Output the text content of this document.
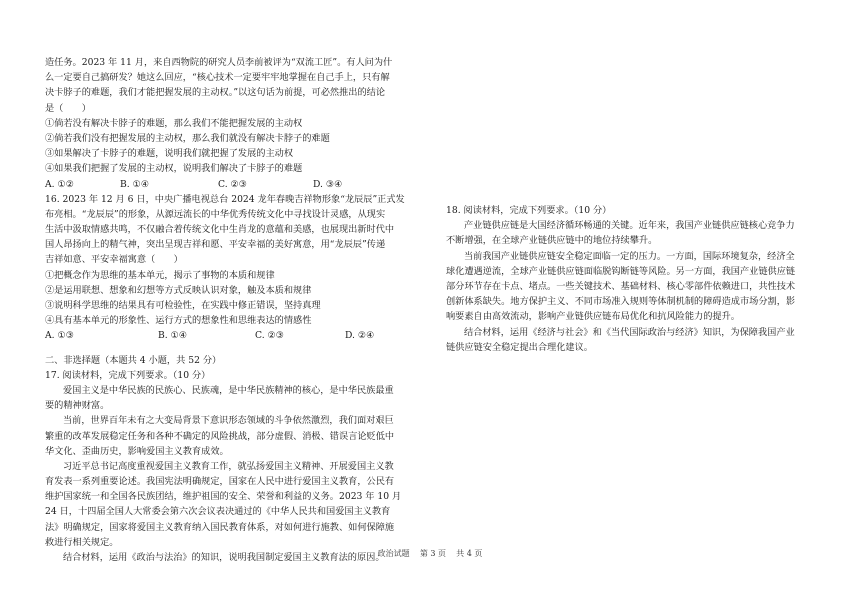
造任务。2023 年 11 月，来自西物院的研究人员李前被评为“双流工匠”。有人问为什
么一定要自己搞研发？她这么回应，“核心技术一定要牢牢地掌握在自己手上，只有解
决卡脖子的难题，我们才能把握发展的主动权。”以这句话为前提，可必然推出的结论
是（　　）
①倘若没有解决卡脖子的难题，那么我们不能把握发展的主动权
②倘若我们没有把握发展的主动权，那么我们就没有解决卡脖子的难题
③如果解决了卡脖子的难题，说明我们就把握了发展的主动权
④如果我们把握了发展的主动权，说明我们解决了卡脖子的难题
A. ①②	B. ①④	C. ②③	D. ③④
16. 2023 年 12 月 6 日，中央广播电视总台 2024 龙年春晚吉祥物形象“龙辰辰”正式发
布亮相。“龙辰辰”的形象，从源远流长的中华优秀传统文化中寻找设计灵感，从现实
生活中汲取情感共鸣，不仅融合着传统文化中生肖龙的意蕴和美感，也展现出新时代中
国人昂扬向上的精气神，突出呈现吉祥和愿、平安幸福的美好寓意，用“龙辰辰”传递
吉祥如意、平安幸福寓意（　　）
①把概念作为思维的基本单元，揭示了事物的本质和规律
②是运用联想、想象和幻想等方式反映认识对象，触及本质和规律
③说明科学思维的结果具有可检验性，在实践中修正错误，坚持真理
④具有基本单元的形象性、运行方式的想象性和思维表达的情感性
A. ①③	B. ①④	C. ②③	D. ②④
二、非选择题（本题共 4 小题，共 52 分）
17. 阅读材料，完成下列要求。（10 分）
爱国主义是中华民族的民族心、民族魂，是中华民族精神的核心，是中华民族最重
要的精神财富。
当前，世界百年未有之大变局背景下意识形态领域的斗争依然激烈，我们面对艰巨
繁重的改革发展稳定任务和各种不确定的风险挑战，部分虚假、消极、错误言论贬低中
华文化、歪曲历史，影响爱国主义教育成效。
习近平总书记高度重视爱国主义教育工作，就弘扬爱国主义精神、开展爱国主义教
育发表一系列重要论述。我国宪法明确规定，国家在人民中进行爱国主义教育，公民有
维护国家统一和全国各民族团结，维护祖国的安全、荣誉和利益的义务。2023 年 10 月
24 日，十四届全国人大常委会第六次会议表决通过的《中华人民共和国爱国主义教育
法》明确规定，国家将爱国主义教育纳入国民教育体系，对如何进行施教、如何保障施
救进行相关规定。
结合材料，运用《政治与法治》的知识，说明我国制定爱国主义教育法的原因。
18. 阅读材料，完成下列要求。（10 分）
产业链供应链是大国经济循环畅通的关键。近年来，我国产业链供应链核心竞争力
不断增强，在全球产业链供应链中的地位持续攀升。
当前我国产业链供应链安全稳定面临一定的压力。一方面，国际环境复杂，经济全
球化遭遇逆流，全球产业链供应链面临脱钩断链等风险。另一方面，我国产业链供应链
部分环节存在卡点、堵点。一些关键技术、基础材料、核心零部件依赖进口，共性技术
创新体系缺失。地方保护主义、不同市场准入规则等体制机制的障碍造成市场分割，影
响要素自由高效流动，影响产业链供应链布局优化和抗风险能力的提升。
结合材料，运用《经济与社会》和《当代国际政治与经济》知识，为保障我国产业
链供应链安全稳定提出合理化建议。
政治试题 第 3 页 共 4 页
